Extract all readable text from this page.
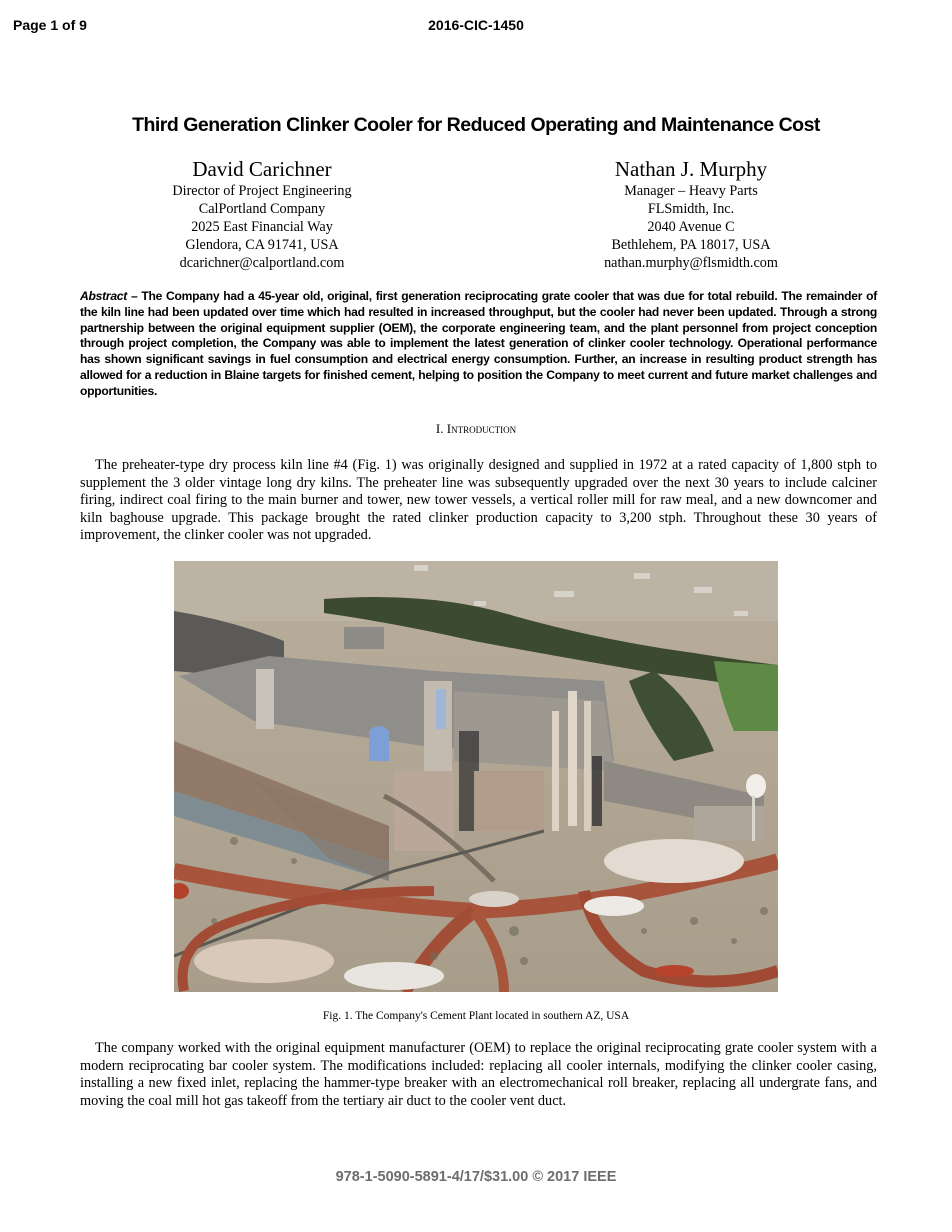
Page 1 of 9	2016-CIC-1450
Third Generation Clinker Cooler for Reduced Operating and Maintenance Cost
David Carichner
Director of Project Engineering
CalPortland Company
2025 East Financial Way
Glendora, CA 91741, USA
dcarichner@calportland.com
Nathan J. Murphy
Manager – Heavy Parts
FLSmidth, Inc.
2040 Avenue C
Bethlehem, PA 18017, USA
nathan.murphy@flsmidth.com
Abstract – The Company had a 45-year old, original, first generation reciprocating grate cooler that was due for total rebuild. The remainder of the kiln line had been updated over time which had resulted in increased throughput, but the cooler had never been updated. Through a strong partnership between the original equipment supplier (OEM), the corporate engineering team, and the plant personnel from project conception through project completion, the Company was able to implement the latest generation of clinker cooler technology. Operational performance has shown significant savings in fuel consumption and electrical energy consumption. Further, an increase in resulting product strength has allowed for a reduction in Blaine targets for finished cement, helping to position the Company to meet current and future market challenges and opportunities.
I. Introduction
The preheater-type dry process kiln line #4 (Fig. 1) was originally designed and supplied in 1972 at a rated capacity of 1,800 stph to supplement the 3 older vintage long dry kilns. The preheater line was subsequently upgraded over the next 30 years to include calciner firing, indirect coal firing to the main burner and tower, new tower vessels, a vertical roller mill for raw meal, and a new downcomer and kiln baghouse upgrade. This package brought the rated clinker production capacity to 3,200 stph. Throughout these 30 years of improvement, the clinker cooler was not upgraded.
Fig. 1. The Company's Cement Plant located in southern AZ, USA
The company worked with the original equipment manufacturer (OEM) to replace the original reciprocating grate cooler system with a modern reciprocating bar cooler system. The modifications included: replacing all cooler internals, modifying the clinker cooler casing, installing a new fixed inlet, replacing the hammer-type breaker with an electromechanical roll breaker, replacing all undergrate fans, and moving the coal mill hot gas takeoff from the tertiary air duct to the cooler vent duct.
978-1-5090-5891-4/17/$31.00 © 2017 IEEE
